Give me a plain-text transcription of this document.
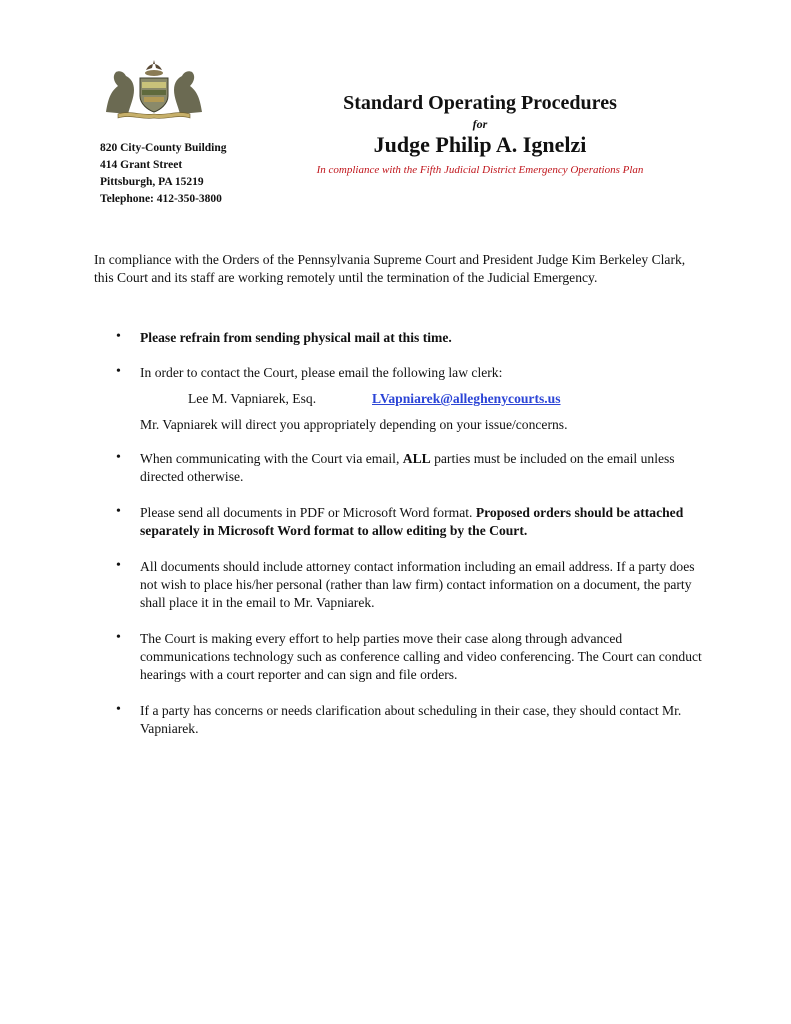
820 City-County Building
414 Grant Street
Pittsburgh, PA 15219
Telephone: 412-350-3800
Standard Operating Procedures
for
Judge Philip A. Ignelzi
In compliance with the Fifth Judicial District Emergency Operations Plan
In compliance with the Orders of the Pennsylvania Supreme Court and President Judge Kim Berkeley Clark, this Court and its staff are working remotely until the termination of the Judicial Emergency.
• Please refrain from sending physical mail at this time.
• In order to contact the Court, please email the following law clerk:
Lee M. Vapniarek, Esq.	LVapniarek@alleghenycourts.us
Mr. Vapniarek will direct you appropriately depending on your issue/concerns.
• When communicating with the Court via email, ALL parties must be included on the email unless directed otherwise.
• Please send all documents in PDF or Microsoft Word format. Proposed orders should be attached separately in Microsoft Word format to allow editing by the Court.
• All documents should include attorney contact information including an email address. If a party does not wish to place his/her personal (rather than law firm) contact information on a document, the party shall place it in the email to Mr. Vapniarek.
• The Court is making every effort to help parties move their case along through advanced communications technology such as conference calling and video conferencing. The Court can conduct hearings with a court reporter and can sign and file orders.
• If a party has concerns or needs clarification about scheduling in their case, they should contact Mr. Vapniarek.
